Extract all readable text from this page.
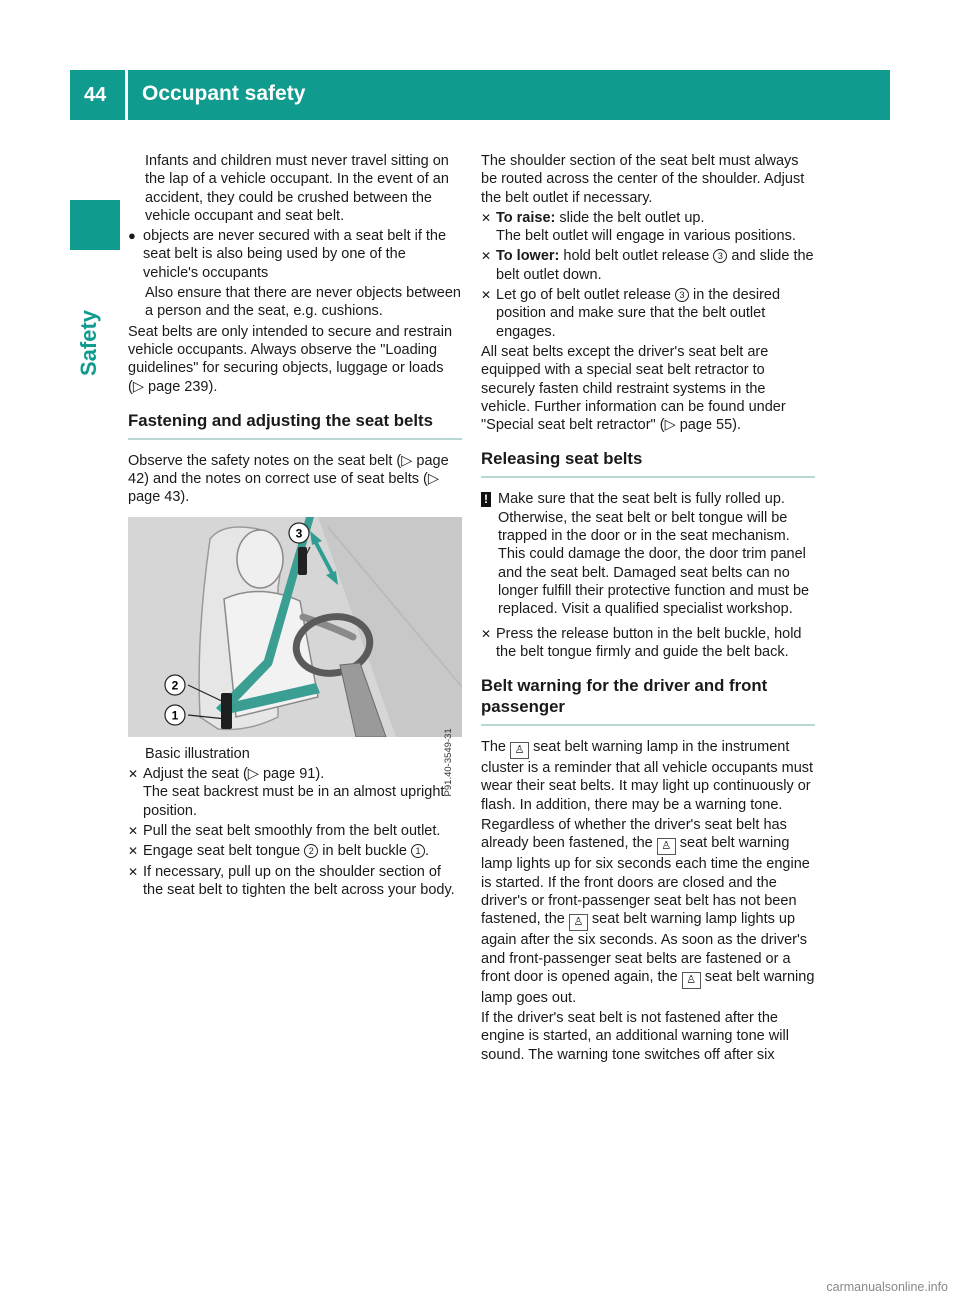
44 Occupant safety
Safety

Infants and children must never travel sitting on the lap of a vehicle occupant. In the event of an accident, they could be crushed between the vehicle occupant and seat belt.

● objects are never secured with a seat belt if the seat belt is also being used by one of the vehicle's occupants

Also ensure that there are never objects between a person and the seat, e.g. cushions.

Seat belts are only intended to secure and restrain vehicle occupants. Always observe the "Loading guidelines" for securing objects, luggage or loads (▷ page 239).

Fastening and adjusting the seat belts

Observe the safety notes on the seat belt (▷ page 42) and the notes on correct use of seat belts (▷ page 43).

3
2
1
P91.40-3549-31

Basic illustration

✕ Adjust the seat (▷ page 91).
The seat backrest must be in an almost upright position.
✕ Pull the seat belt smoothly from the belt outlet.
✕ Engage seat belt tongue 2 in belt buckle 1 .
✕ If necessary, pull up on the shoulder section of the seat belt to tighten the belt across your body.

The shoulder section of the seat belt must always be routed across the center of the shoulder. Adjust the belt outlet if necessary.

✕ To raise: slide the belt outlet up.
The belt outlet will engage in various positions.
✕ To lower: hold belt outlet release 3 and slide the belt outlet down.
✕ Let go of belt outlet release 3 in the desired position and make sure that the belt outlet engages.

All seat belts except the driver's seat belt are equipped with a special seat belt retractor to securely fasten child restraint systems in the vehicle. Further information can be found under "Special seat belt retractor" (▷ page 55).

Releasing seat belts
! Make sure that the seat belt is fully rolled up. Otherwise, the seat belt or belt tongue will be trapped in the door or in the seat mechanism. This could damage the door, the door trim panel and the seat belt. Damaged seat belts can no longer fulfill their protective function and must be replaced. Visit a qualified specialist workshop.
✕ Press the release button in the belt buckle, hold the belt tongue firmly and guide the belt back.
Belt warning for the driver and front passenger

The ♙ seat belt warning lamp in the instrument cluster is a reminder that all vehicle occupants must wear their seat belts. It may light up continuously or flash. In addition, there may be a warning tone.

Regardless of whether the driver's seat belt has already been fastened, the ♙ seat belt warning lamp lights up for six seconds each time the engine is started. If the front doors are closed and the driver's or front-passenger seat belt has not been fastened, the ♙ seat belt warning lamp lights up again after the six seconds. As soon as the driver's and front-passenger seat belts are fastened or a front door is opened again, the ♙ seat belt warning lamp goes out.

If the driver's seat belt is not fastened after the engine is started, an additional warning tone will sound. The warning tone switches off after six

carmanualsonline.info
